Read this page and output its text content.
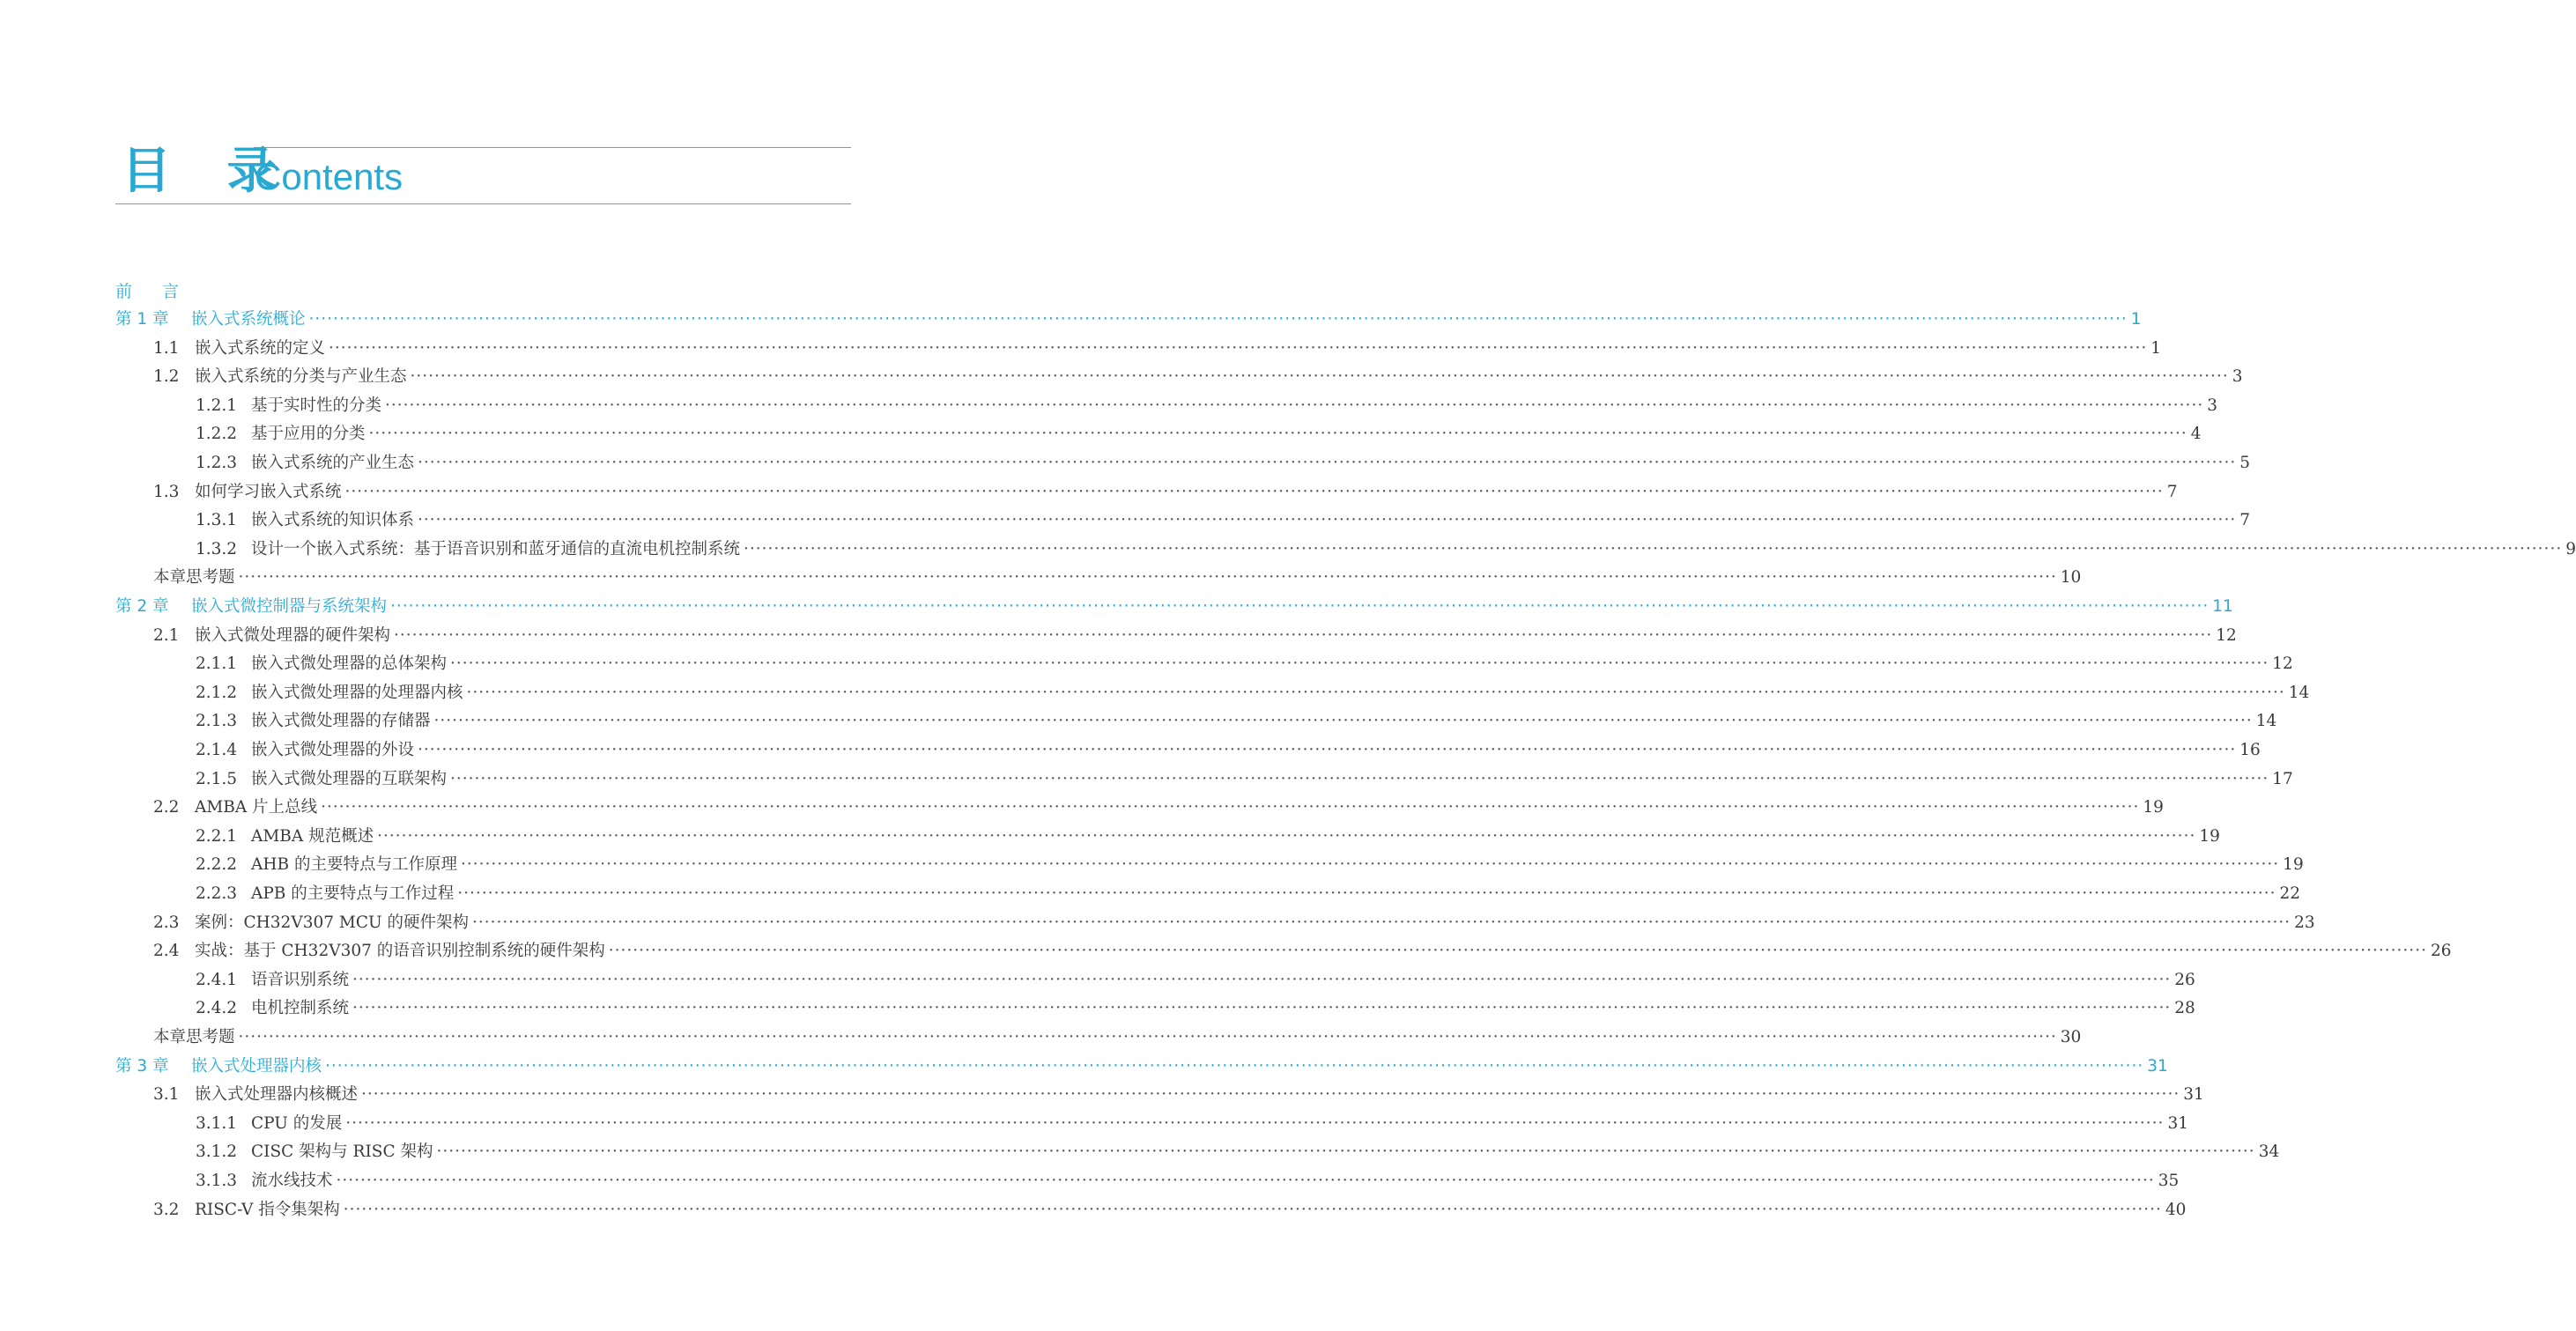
目 录
Contents
前 言
第 1 章	嵌入式系统概论 ············································································································································································································································································································ 1
1.1 嵌入式系统的定义 ············································································································································································································································································································ 1
1.2 嵌入式系统的分类与产业生态 ············································································································································································································································································································ 3
1.2.1 基于实时性的分类 ············································································································································································································································································································ 3
1.2.2 基于应用的分类 ············································································································································································································································································································ 4
1.2.3 嵌入式系统的产业生态 ············································································································································································································································································································ 5
1.3 如何学习嵌入式系统 ············································································································································································································································································································ 7
1.3.1 嵌入式系统的知识体系 ············································································································································································································································································································ 7
1.3.2 设计一个嵌入式系统：基于语音识别和蓝牙通信的直流电机控制系统 ············································································································································································································································································································ 9
本章思考题 ············································································································································································································································································································ 10
第 2 章	嵌入式微控制器与系统架构 ············································································································································································································································································································ 11
2.1 嵌入式微处理器的硬件架构 ············································································································································································································································································································ 12
2.1.1 嵌入式微处理器的总体架构 ············································································································································································································································································································ 12
2.1.2 嵌入式微处理器的处理器内核 ············································································································································································································································································································ 14
2.1.3 嵌入式微处理器的存储器 ············································································································································································································································································································ 14
2.1.4 嵌入式微处理器的外设 ············································································································································································································································································································ 16
2.1.5 嵌入式微处理器的互联架构 ············································································································································································································································································································ 17
2.2 AMBA 片上总线 ············································································································································································································································································································ 19
2.2.1 AMBA 规范概述 ············································································································································································································································································································ 19
2.2.2 AHB 的主要特点与工作原理 ············································································································································································································································································································ 19
2.2.3 APB 的主要特点与工作过程 ············································································································································································································································································································ 22
2.3 案例：CH32V307 MCU 的硬件架构 ············································································································································································································································································································ 23
2.4 实战：基于 CH32V307 的语音识别控制系统的硬件架构 ············································································································································································································································································································ 26
2.4.1 语音识别系统 ············································································································································································································································································································ 26
2.4.2 电机控制系统 ············································································································································································································································································································ 28
本章思考题 ············································································································································································································································································································ 30
第 3 章	嵌入式处理器内核 ············································································································································································································································································································ 31
3.1 嵌入式处理器内核概述 ············································································································································································································································································································ 31
3.1.1 CPU 的发展 ············································································································································································································································································································ 31
3.1.2 CISC 架构与 RISC 架构 ············································································································································································································································································································ 34
3.1.3 流水线技术 ············································································································································································································································································································ 35
3.2 RISC-V 指令集架构 ············································································································································································································································································································ 40
